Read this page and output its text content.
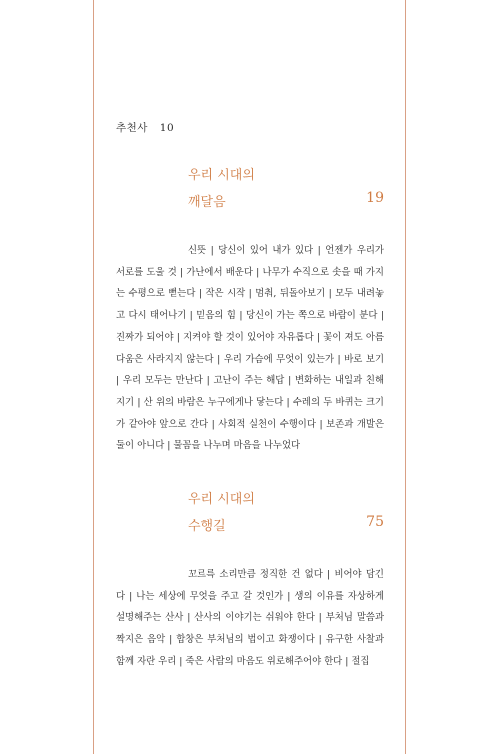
추천사 10
우리 시대의
깨달음	19
신뜻 | 당신이 있어 내가 있다 | 언젠가 우리가 서로를 도울 것 | 가난에서 배운다 | 나무가 수직으로 솟을 때 가지는 수평으로 뻗는다 | 작은 시작 | 멈춰, 뒤돌아보기 | 모두 내려놓고 다시 태어나기 | 믿음의 힘 | 당신이 가는 쪽으로 바람이 분다 | 진짜가 되어야 | 지켜야 할 것이 있어야 자유롭다 | 꽃이 져도 아름다움은 사라지지 않는다 | 우리 가슴에 무엇이 있는가 | 바로 보기 | 우리 모두는 만난다 | 고난이 주는 해답 | 변화하는 내일과 친해지기 | 산 위의 바람은 누구에게나 닿는다 | 수레의 두 바퀴는 크기가 같아야 앞으로 간다 | 사회적 실천이 수행이다 | 보존과 개발은 둘이 아니다 | 물꼼을 나누며 마음을 나누었다
우리 시대의
수행길	75
꼬르륵 소리만큼 정직한 건 없다 | 비어야 담긴다 | 나는 세상에 무엇을 주고 갈 것인가 | 생의 이유를 자상하게 설명해주는 산사 | 산사의 이야기는 쉬워야 한다 | 부처님 말씀과 짝지은 음악 | 합창은 부처님의 법이고 화쟁이다 | 유구한 사찰과 함께 자란 우리 | 죽은 사람의 마음도 위로해주어야 한다 | 절집
